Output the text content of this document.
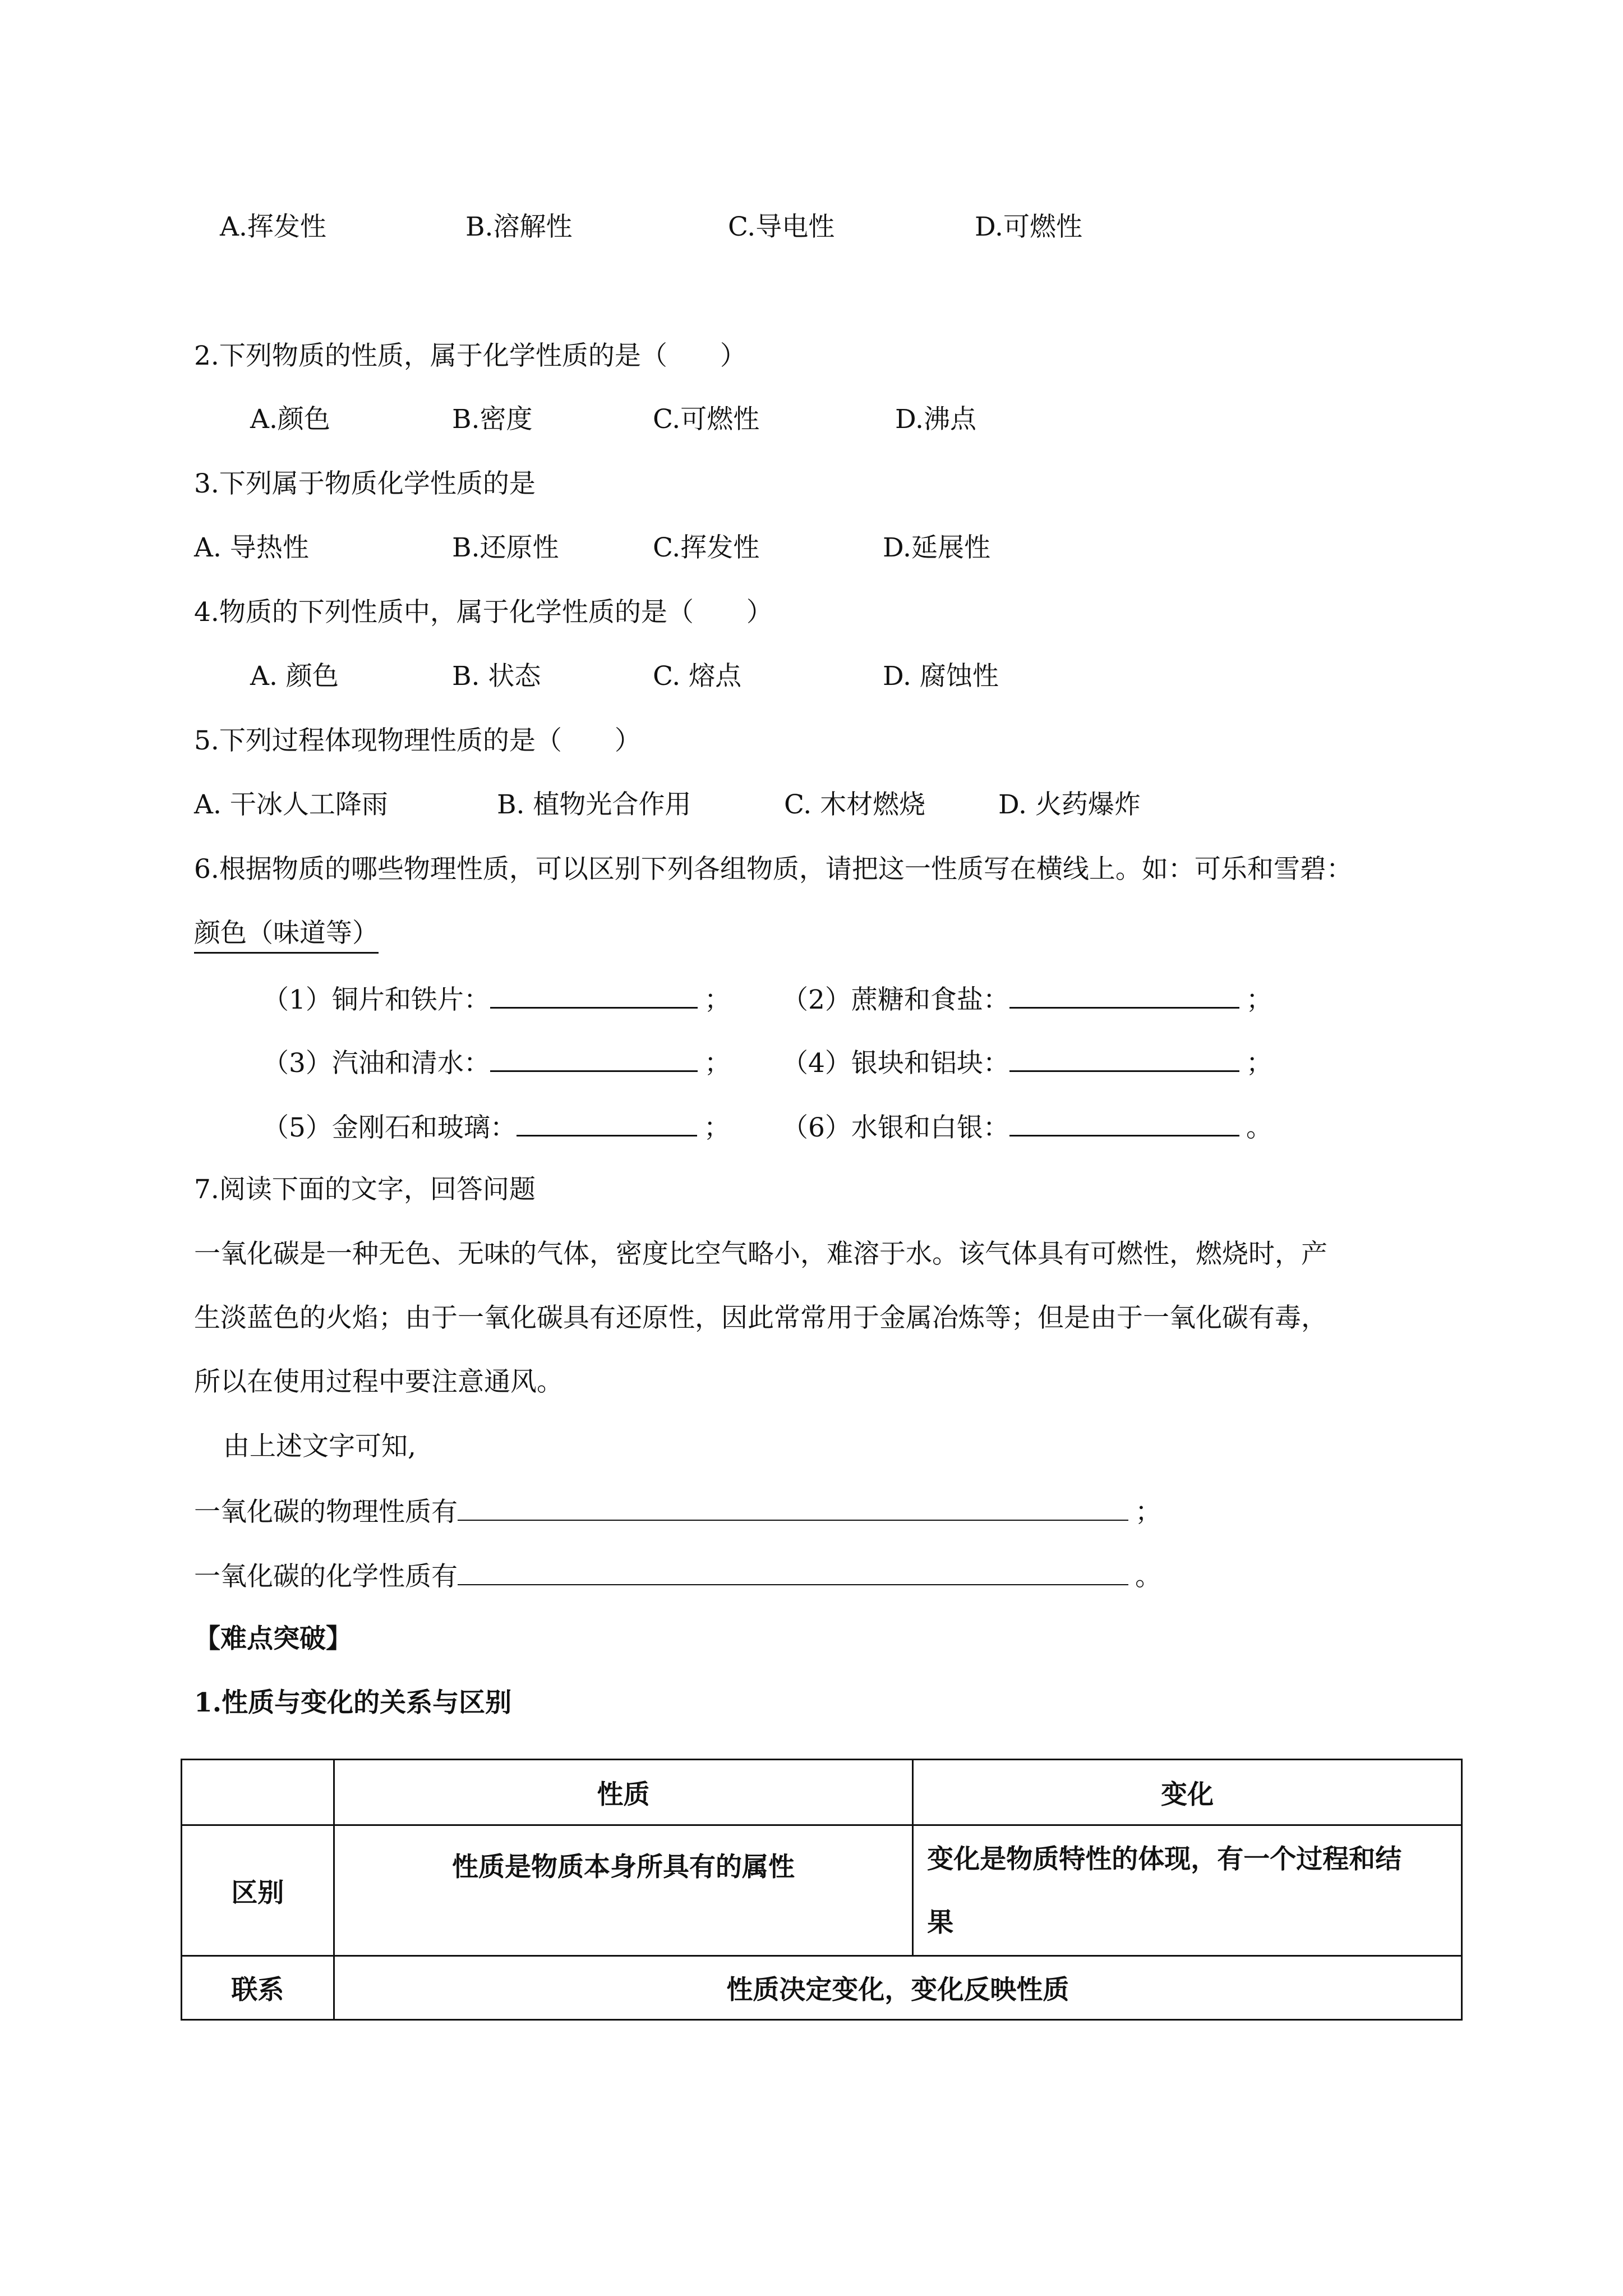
A.挥发性	B.溶解性	C.导电性	D.可燃性
2.下列物质的性质，属于化学性质的是（　　）
A.颜色	B.密度	C.可燃性	D.沸点
3.下列属于物质化学性质的是
A. 导热性	B.还原性	C.挥发性	D.延展性
4.物质的下列性质中，属于化学性质的是（　　）
A. 颜色	B. 状态	C. 熔点	D. 腐蚀性
5.下列过程体现物理性质的是（　　）
A. 干冰人工降雨	B. 植物光合作用	C. 木材燃烧	D. 火药爆炸
6.根据物质的哪些物理性质，可以区别下列各组物质，请把这一性质写在横线上。如：可乐和雪碧：
颜色（味道等）
（1）铜片和铁片：	； （2）蔗糖和食盐：	；
（3）汽油和清水：	； （4）银块和铝块：	；
（5）金刚石和玻璃：	； （6）水银和白银：	。
7.阅读下面的文字，回答问题
一氧化碳是一种无色、无味的气体，密度比空气略小，难溶于水。该气体具有可燃性，燃烧时，产
生淡蓝色的火焰；由于一氧化碳具有还原性，因此常常用于金属冶炼等；但是由于一氧化碳有毒，
所以在使用过程中要注意通风。
由上述文字可知,
一氧化碳的物理性质有	；
一氧化碳的化学性质有	。
【难点突破】
1.性质与变化的关系与区别
	性质	变化
区别	性质是物质本身所具有的属性	变化是物质特性的体现，有一个过程和结
果

联系	性质决定变化，变化反映性质	
